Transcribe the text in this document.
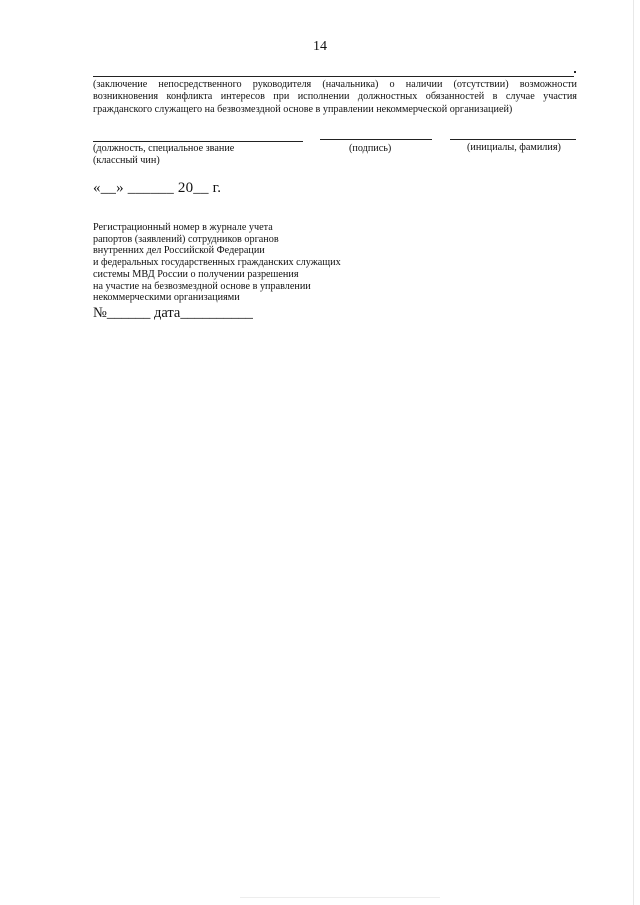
14
(заключение непосредственного руководителя (начальника) о наличии (отсутствии) возможности возникновения конфликта интересов при исполнении должностных обязанностей в случае участия гражданского служащего на безвозмездной основе в управлении некоммерческой организацией)
(должность, специальное звание
(классный чин)
(подпись)	(инициалы, фамилия)
«__» ______ 20__ г.
Регистрационный номер в журнале учета
рапортов (заявлений) сотрудников органов
внутренних дел Российской Федерации
и федеральных государственных гражданских служащих
системы МВД России о получении разрешения
на участие на безвозмездной основе в управлении
некоммерческими организациями
№______ дата__________
